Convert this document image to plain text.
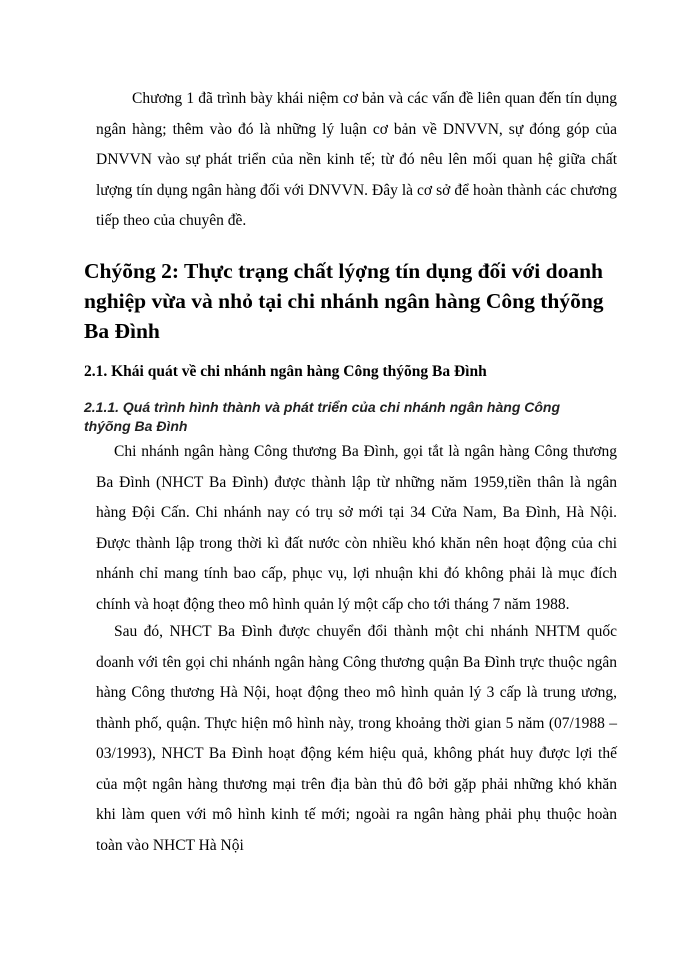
Chương 1 đã trình bày khái niệm cơ bản và các vấn đề liên quan đến tín dụng ngân hàng; thêm vào đó là những lý luận cơ bản về DNVVN, sự đóng góp của DNVVN vào sự phát triển của nền kinh tế; từ đó nêu lên mối quan hệ giữa chất lượng tín dụng ngân hàng đối với DNVVN. Đây là cơ sở để hoàn thành các chương tiếp theo của chuyên đề.

Chýõng 2: Thực trạng chất lýợng tín dụng đối với doanh nghiệp vừa và nhỏ tại chi nhánh ngân hàng Công thýõng Ba Đình
2.1. Khái quát về chi nhánh ngân hàng Công thýõng Ba Đình
2.1.1. Quá trình hình thành và phát triển của chi nhánh ngân hàng Công thýõng Ba Đình

Chi nhánh ngân hàng Công thương Ba Đình, gọi tắt là ngân hàng Công thương Ba Đình (NHCT Ba Đình) được thành lập từ những năm 1959,tiền thân là ngân hàng Đội Cấn. Chi nhánh nay có trụ sở mới tại 34 Cửa Nam, Ba Đình, Hà Nội. Được thành lập trong thời kì đất nước còn nhiều khó khăn nên hoạt động của chi nhánh chỉ mang tính bao cấp, phục vụ, lợi nhuận khi đó không phải là mục đích chính và hoạt động theo mô hình quản lý một cấp cho tới tháng 7 năm 1988.

Sau đó, NHCT Ba Đình được chuyển đổi thành một chi nhánh NHTM quốc doanh với tên gọi chi nhánh ngân hàng Công thương quận Ba Đình trực thuộc ngân hàng Công thương Hà Nội, hoạt động theo mô hình quản lý 3 cấp là trung ương, thành phố, quận. Thực hiện mô hình này, trong khoảng thời gian 5 năm (07/1988 – 03/1993), NHCT Ba Đình hoạt động kém hiệu quả, không phát huy được lợi thế của một ngân hàng thương mại trên địa bàn thủ đô bởi gặp phải những khó khăn khi làm quen với mô hình kinh tế mới; ngoài ra ngân hàng phải phụ thuộc hoàn toàn vào NHCT Hà Nội
